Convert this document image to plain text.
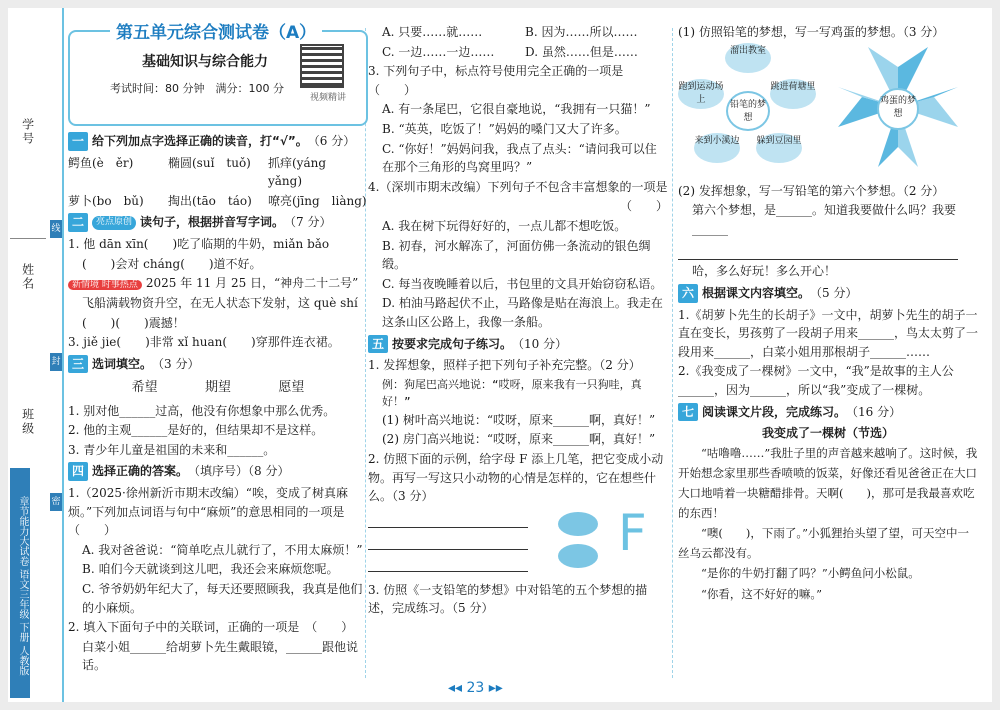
学号
线
姓名
封
班级
密
章节能力大试卷 语文三年级 下册 人教版
第五单元综合测试卷（A）
基础知识与综合能力
考试时间：80 分钟　满分：100 分
视频精讲
一 给下列加点字选择正确的读音，打“√”。 （6 分）
鳄鱼(è　ěr)	椭圆(suǐ　tuǒ)	抓痒(yáng　yǎng)
萝卜(bo　bǔ)	掏出(tāo　táo)	嘹亮(jīng　liàng)
二	亮点原创 读句子，根据拼音写字词。 （7 分）
1. 他 dān xīn(　　)吃了临期的牛奶，miǎn bǎo
(　　)会对 cháng(　　)道不好。
新情境 时事热点 2025 年 11 月 25 日，“神舟二十二号”
飞船满载物资升空，在无人状态下发射，这 què shí
(　　)(　　)震撼！
3. jiě jie(　　)非常 xǐ huan(　　)穿那件连衣裙。
三 选词填空。 （3 分）
希望	期望	愿望
1. 别对他______过高，他没有你想象中那么优秀。
2. 他的主观______是好的，但结果却不是这样。
3. 青少年儿童是祖国的未来和______。
四 选择正确的答案。 （填序号）（8 分）
1.（2025·徐州新沂市期末改编）“唉，变成了树真麻烦。”下列加点词语与句中“麻烦”的意思相同的一项是　（　　）
A. 我对爸爸说：“简单吃点儿就行了，不用太麻烦！”
B. 咱们今天就谈到这儿吧，我还会来麻烦您呢。
C. 爷爷奶奶年纪大了，每天还要照顾我，我真是他们的小麻烦。
2. 填入下面句子中的关联词，正确的一项是　（　　）
白菜小姐______给胡萝卜先生戴眼镜，______跟他说话。
A. 只要……就……	B. 因为……所以……
C. 一边……一边……	D. 虽然……但是……
3. 下列句子中，标点符号使用完全正确的一项是　（　　）
A. 有一条尾巴，它很自豪地说，“我拥有一只猫！”
B. “英英，吃饭了！”妈妈的嗓门又大了许多。
C. “你好！”妈妈问我，我点了点头：“请问我可以住在那个三角形的鸟窝里吗？”
4.（深圳市期末改编）下列句子不包含丰富想象的一项是
（　　）
A. 我在树下玩得好好的，一点儿都不想吃饭。
B. 初春，河水解冻了，河面仿佛一条流动的银色绸缎。
C. 每当夜晚睡着以后，书包里的文具开始窃窃私语。
D. 柏油马路起伏不止，马路像是贴在海浪上。我走在这条山区公路上，我像一条船。
五 按要求完成句子练习。 （10 分）
1. 发挥想象，照样子把下列句子补充完整。（2 分）
例：狗尾巴高兴地说：“哎呀，原来我有一只狗哇，真好！”
(1) 树叶高兴地说：“哎呀，原来______啊，真好！”
(2) 房门高兴地说：“哎呀，原来______啊，真好！”
2. 仿照下面的示例，给字母 F 添上几笔，把它变成小动物。再写一写这只小动物的心情是怎样的，它在想些什么。（3 分）
F
3. 仿照《一支铅笔的梦想》中对铅笔的五个梦想的描述，完成练习。（5 分）
(1) 仿照铅笔的梦想，写一写鸡蛋的梦想。（3 分）
溜出教室
跳进荷塘里
躲到豆园里
来到小溪边
跑到运动场上	铅笔的梦想
鸡蛋的梦想
(2) 发挥想象，写一写铅笔的第六个梦想。（2 分）
第六个梦想，是______。知道我要做什么吗？我要______
哈，多么好玩！多么开心！
六 根据课文内容填空。 （5 分）
1.《胡萝卜先生的长胡子》一文中，胡萝卜先生的胡子一直在变长，男孩剪了一段胡子用来______，鸟太太剪了一段用来______，白菜小姐用那根胡子______……
2.《我变成了一棵树》一文中，“我”是故事的主人公______，因为______，所以“我”变成了一棵树。
七 阅读课文片段，完成练习。 （16 分）
我变成了一棵树（节选）
“咕噜噜……”我肚子里的声音越来越响了。这时候，我开始想念家里那些香喷喷的饭菜，好像还看见爸爸正在大口大口地啃着一块糖醋排骨。天啊(　　)，那可是我最喜欢吃的东西！
“噢(　　)，下雨了。”小狐狸抬头望了望，可天空中一丝乌云都没有。
“是你的牛奶打翻了吗？”小鳄鱼问小松鼠。
“你看，这不好好的嘛。”
◂◂ 23 ▸▸
